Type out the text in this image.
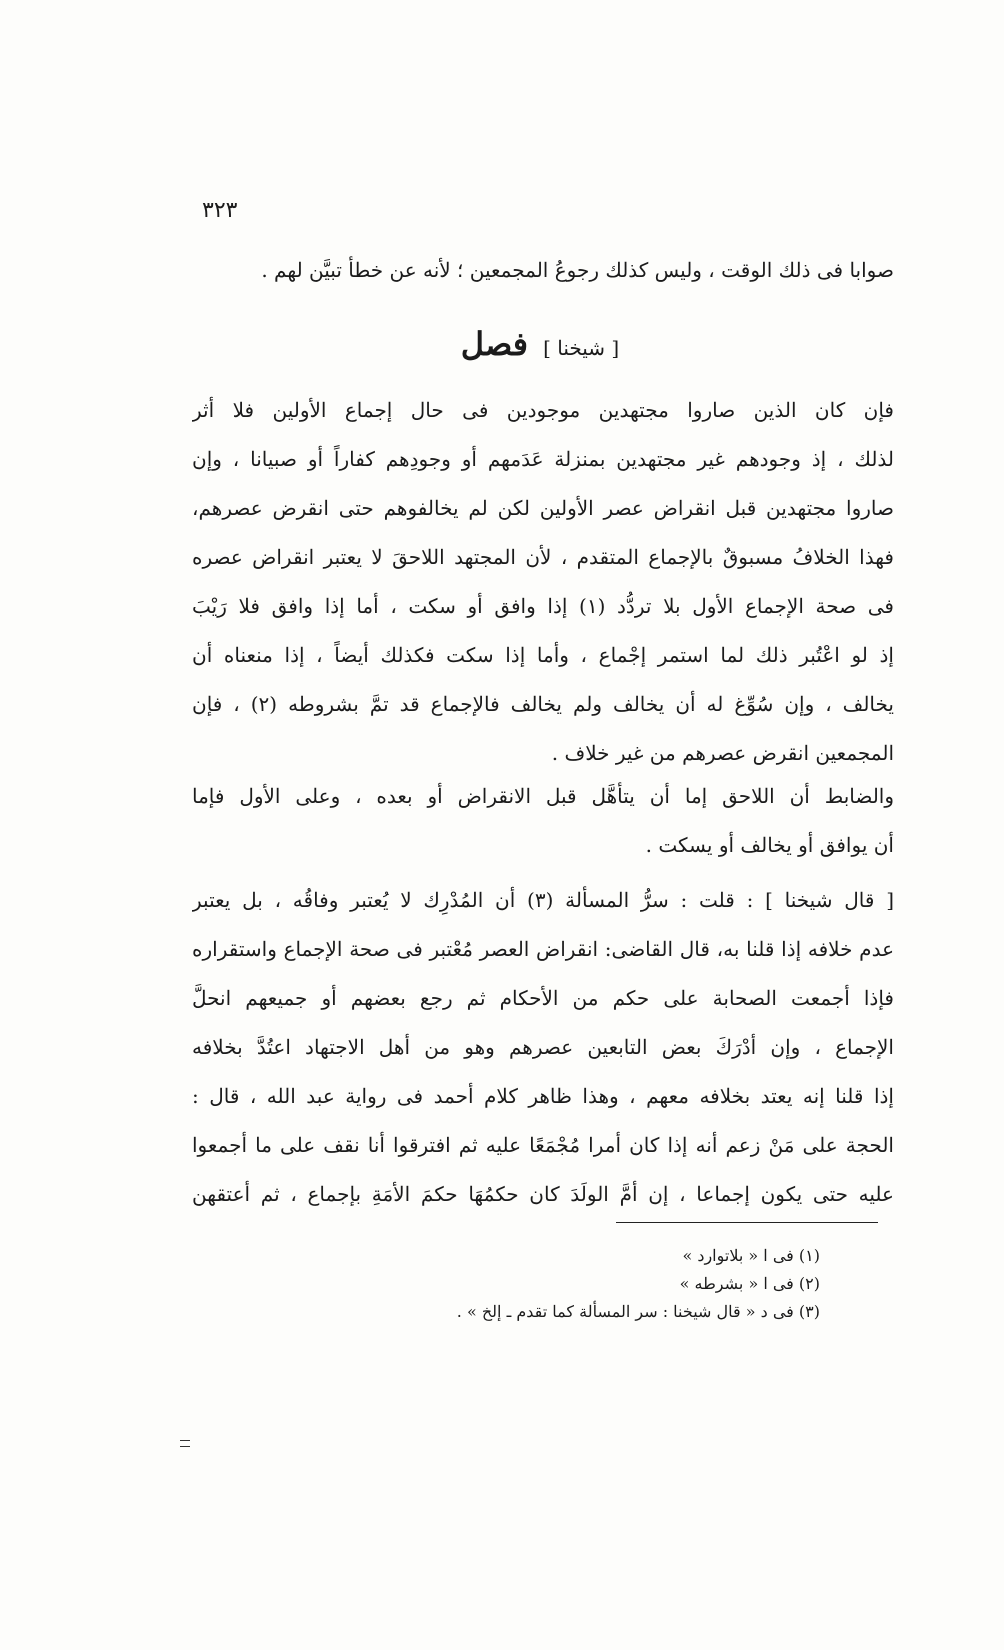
٣٢٣
صوابا فى ذلك الوقت ، وليس كذلك رجوعُ المجمعين ؛ لأنه عن خطأ تبيَّن لهم .
[ شيخنا ] فصل
فإن كان الذين صاروا مجتهدين موجودين فى حال إجماع الأولين فلا أثر
لذلك ، إذ وجودهم غير مجتهدين بمنزلة عَدَمهم أو وجودِهم كفاراً أو صبيانا ، وإن
صاروا مجتهدين قبل انقراض عصر الأولين لكن لم يخالفوهم حتى انقرض عصرهم،
فهذا الخلافُ مسبوقٌ بالإجماع المتقدم ، لأن المجتهد اللاحقَ لا يعتبر انقراض عصره
فى صحة الإجماع الأول بلا تردُّد (١) إذا وافق أو سكت ، أما إذا وافق فلا رَيْبَ
إذ لو اعْتُبر ذلك لما استمر إجْماع ، وأما إذا سكت فكذلك أيضاً ، إذا منعناه أن
يخالف ، وإن سُوِّغ له أن يخالف ولم يخالف فالإجماع قد تمَّ بشروطه (٢) ، فإن
المجمعين انقرض عصرهم من غير خلاف .
والضابط أن اللاحق إما أن يتأهَّل قبل الانقراض أو بعده ، وعلى الأول فإما
أن يوافق أو يخالف أو يسكت .
[ قال شيخنا ] : قلت : سرُّ المسألة (٣) أن المُدْرِك لا يُعتبر وفاقُه ، بل يعتبر
عدم خلافه إذا قلنا به، قال القاضى: انقراض العصر مُعْتبر فى صحة الإجماع واستقراره
فإذا أجمعت الصحابة على حكم من الأحكام ثم رجع بعضهم أو جميعهم انحلَّ
الإجماع ، وإن أدْرَكَ بعض التابعين عصرهم وهو من أهل الاجتهاد اعتُدَّ بخلافه
إذا قلنا إنه يعتد بخلافه معهم ، وهذا ظاهر كلام أحمد فى رواية عبد الله ، قال :
الحجة على مَنْ زعم أنه إذا كان أمرا مُجْمَعًا عليه ثم افترقوا أنا نقف على ما أجمعوا
عليه حتى يكون إجماعا ، إن أمَّ الولَدَ كان حكمُهَا حكمَ الأمَةِ بإجماع ، ثم أعتقهن
(١) فى ا « بلاتوارد »
(٢) فى ا « بشرطه »
(٣) فى د « قال شيخنا : سر المسألة كما تقدم ـ إلخ » .
